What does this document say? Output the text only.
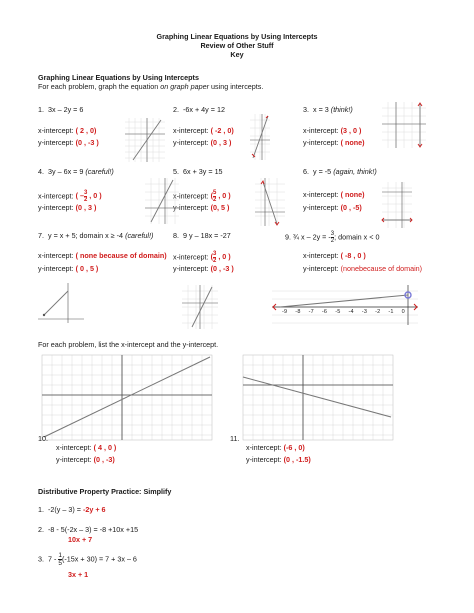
Graphing Linear Equations by Using Intercepts
Review of Other Stuff
Key
Graphing Linear Equations by Using Intercepts
For each problem, graph the equation on graph paper using intercepts.
1. 3x – 2y = 6
x-intercept: ( 2 , 0)
y-intercept: (0 , -3 )
2. -6x + 4y = 12
x-intercept: ( -2 , 0)
y-intercept: (0 , 3 )
3. x = 3 (think!)
x-intercept: (3 , 0 )
y-intercept: ( none)
4. 3y – 6x = 9 (careful!)
x-intercept: ( – $\frac{3}{2}$ , 0 )
y-intercept: (0 , 3 )
5. 6x + 3y = 15
x-intercept: ( $\frac{5}{2}$ , 0 )
y-intercept: (0, 5 )
6. y = -5 (again, think!)
x-intercept: ( none)
y-intercept: (0 , -5)
7. y = x + 5; domain x ≥ -4 (careful!)
x-intercept: ( none because of domain)
y-intercept: ( 0 , 5 )
8. 9 y – 18x = -27
x-intercept: ( $\frac{3}{2}$ , 0 )
y-intercept: (0 , -3 )
9. ¾ x – 2y = - $\frac{3}{2}$ ; domain x < 0
x-intercept: ( -8 , 0 )
y-intercept: (nonebecause of domain)
-9 -8 -7 -6 -5 -4 -3 -2 -1 0
For each problem, list the x-intercept and the y-intercept.
10.
x-intercept: ( 4 , 0 )
y-intercept: (0 , -3)
11.
x-intercept: (-6 , 0)
y-intercept: (0 , -1.5)
Distributive Property Practice: Simplify
1. -2(y – 3) = -2y + 6
2. -8 - 5(-2x – 3) = -8 +10x +15
10x + 7
3. $7 - \frac{1}{5} (-15x + 30) = 7 + 3x - 6$
3x + 1
